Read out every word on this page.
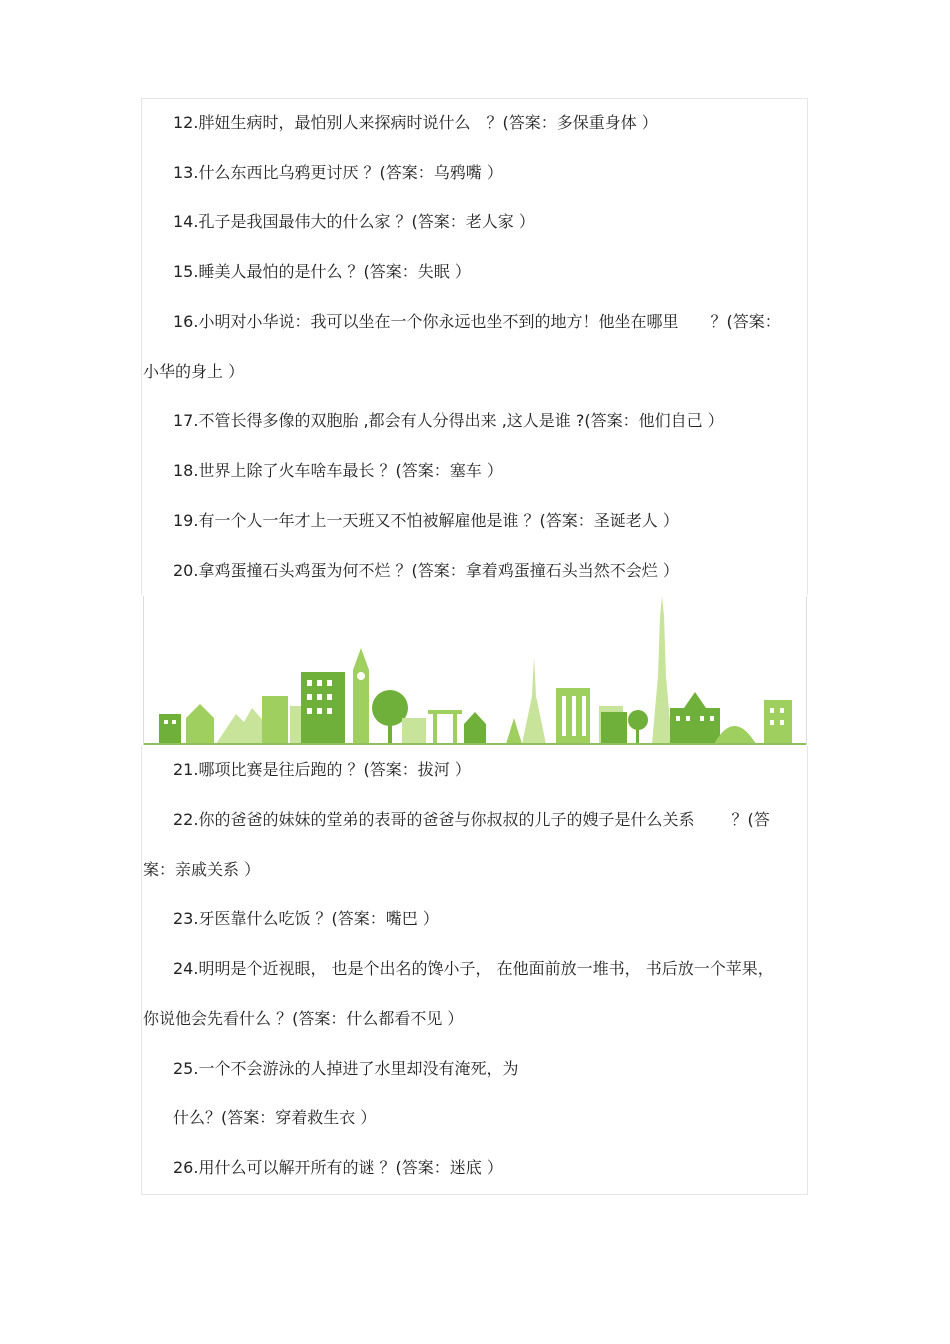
12.胖妞生病时，最怕别人来探病时说什么　？(答案：多保重身体 ）
13.什么东西比乌鸦更讨厌 ？(答案：乌鸦嘴 ）
14.孔子是我国最伟大的什么家 ？(答案：老人家 ）
15.睡美人最怕的是什么 ？(答案：失眠 ）
16.小明对小华说：我可以坐在一个你永远也坐不到的地方！他坐在哪里　　？(答案：
小华的身上 ）
17.不管长得多像的双胞胎 ,都会有人分得出来 ,这人是谁 ?(答案：他们自己 ）
18.世界上除了火车啥车最长 ？(答案：塞车 ）
19.有一个人一年才上一天班又不怕被解雇他是谁 ？(答案：圣诞老人 ）
20.拿鸡蛋撞石头鸡蛋为何不烂 ？(答案：拿着鸡蛋撞石头当然不会烂 ）
21.哪项比赛是往后跑的 ？(答案：拔河 ）
22.你的爸爸的妹妹的堂弟的表哥的爸爸与你叔叔的儿子的嫂子是什么关系　　 ？(答
案：亲戚关系 ）
23.牙医靠什么吃饭 ？(答案：嘴巴 ）
24.明明是个近视眼， 也是个出名的馋小子， 在他面前放一堆书， 书后放一个苹果，
你说他会先看什么 ？(答案：什么都看不见 ）
25.一个不会游泳的人掉进了水里却没有淹死，为
什么？(答案：穿着救生衣 ）
26.用什么可以解开所有的谜 ？(答案：迷底 ）
